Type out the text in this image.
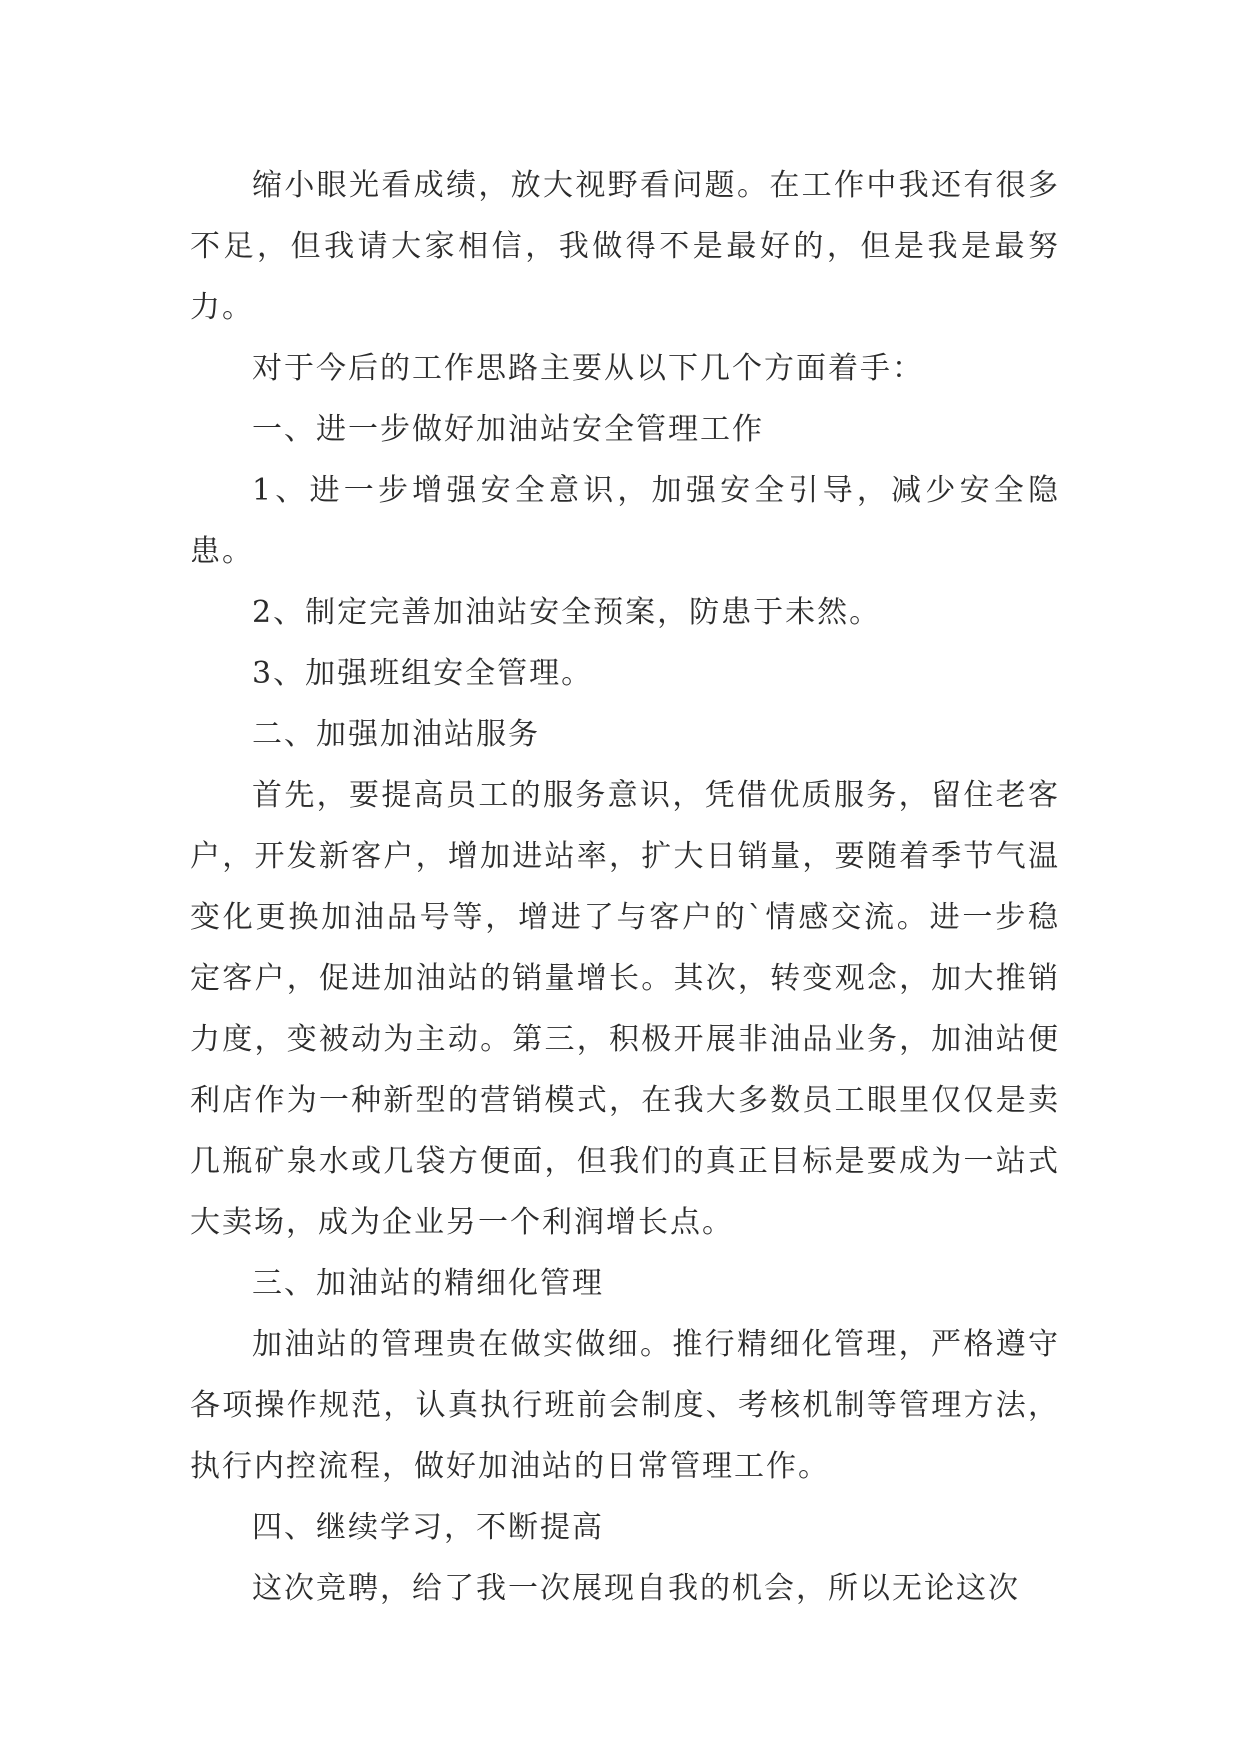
缩小眼光看成绩，放大视野看问题。在工作中我还有很多不足，但我请大家相信，我做得不是最好的，但是我是最努力。

对于今后的工作思路主要从以下几个方面着手：

一、进一步做好加油站安全管理工作

1、进一步增强安全意识，加强安全引导，减少安全隐患。

2、制定完善加油站安全预案，防患于未然。

3、加强班组安全管理。

二、加强加油站服务

首先，要提高员工的服务意识，凭借优质服务，留住老客户，开发新客户，增加进站率，扩大日销量，要随着季节气温变化更换加油品号等，增进了与客户的`情感交流。进一步稳定客户，促进加油站的销量增长。其次，转变观念，加大推销力度，变被动为主动。第三，积极开展非油品业务，加油站便利店作为一种新型的营销模式，在我大多数员工眼里仅仅是卖几瓶矿泉水或几袋方便面，但我们的真正目标是要成为一站式大卖场，成为企业另一个利润增长点。

三、加油站的精细化管理

加油站的管理贵在做实做细。推行精细化管理，严格遵守各项操作规范，认真执行班前会制度、考核机制等管理方法，执行内控流程，做好加油站的日常管理工作。

四、继续学习，不断提高

这次竞聘，给了我一次展现自我的机会，所以无论这次
